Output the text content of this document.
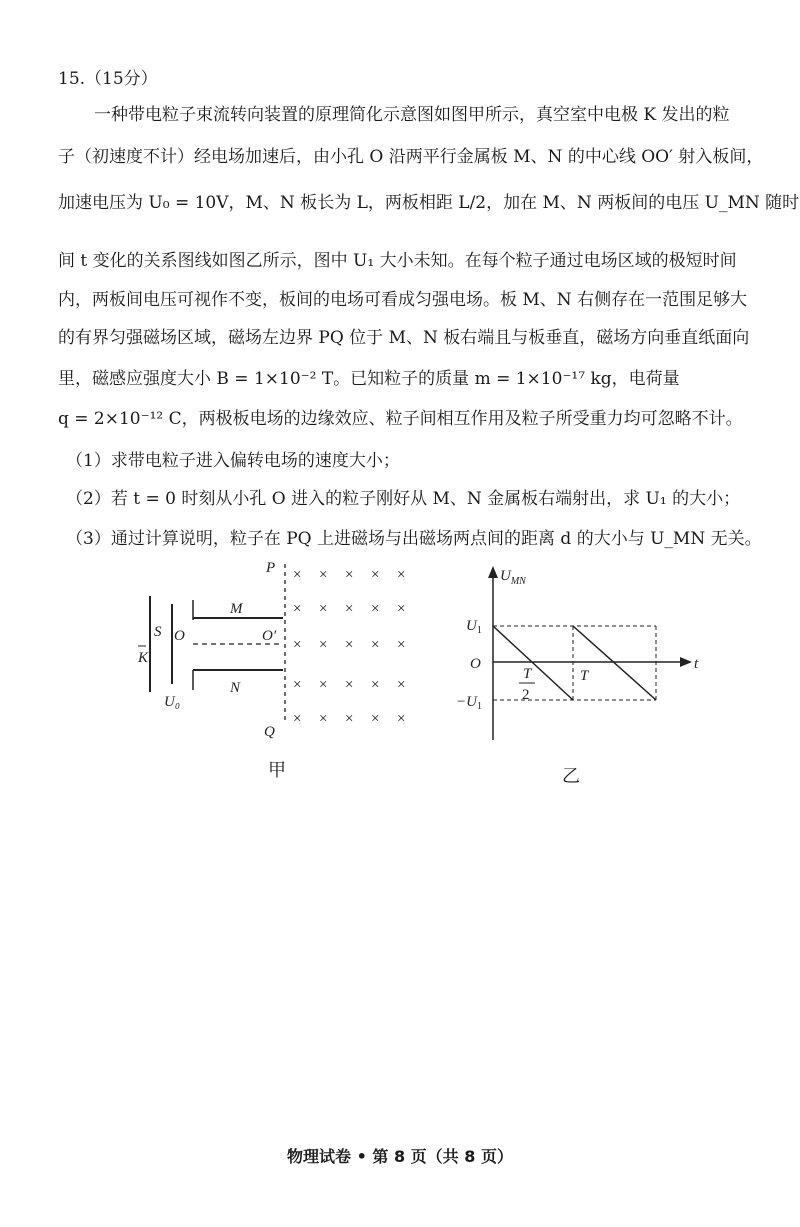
15.（15分）
一种带电粒子束流转向装置的原理简化示意图如图甲所示，真空室中电极 K 发出的粒
子（初速度不计）经电场加速后，由小孔 O 沿两平行金属板 M、N 的中心线 OO′ 射入板间，
加速电压为 U₀ = 10V，M、N 板长为 L，两板相距 L/2，加在 M、N 两板间的电压 U_MN 随时
间 t 变化的关系图线如图乙所示，图中 U₁ 大小未知。在每个粒子通过电场区域的极短时间
内，两板间电压可视作不变，板间的电场可看成匀强电场。板 M、N 右侧存在一范围足够大
的有界匀强磁场区域，磁场左边界 PQ 位于 M、N 板右端且与板垂直，磁场方向垂直纸面向
里，磁感应强度大小 B = 1×10⁻² T。已知粒子的质量 m = 1×10⁻¹⁷ kg，电荷量
q = 2×10⁻¹² C，两极板电场的边缘效应、粒子间相互作用及粒子所受重力均可忽略不计。
（1）求带电粒子进入偏转电场的速度大小；
（2）若 t = 0 时刻从小孔 O 进入的粒子刚好从 M、N 金属板右端射出，求 U₁ 的大小；
（3）通过计算说明，粒子在 PQ 上进磁场与出磁场两点间的距离 d 的大小与 U_MN 无关。
K
S O
U₀
M
O′
N
P
Q
× × × × ×
× × × × ×
× × × × ×
× × × × ×
× × × × ×
$U_{MN}$
t
O
$U_1$
$-U_1$
T
2
T
甲	乙
物理试卷 • 第 8 页（共 8 页）
